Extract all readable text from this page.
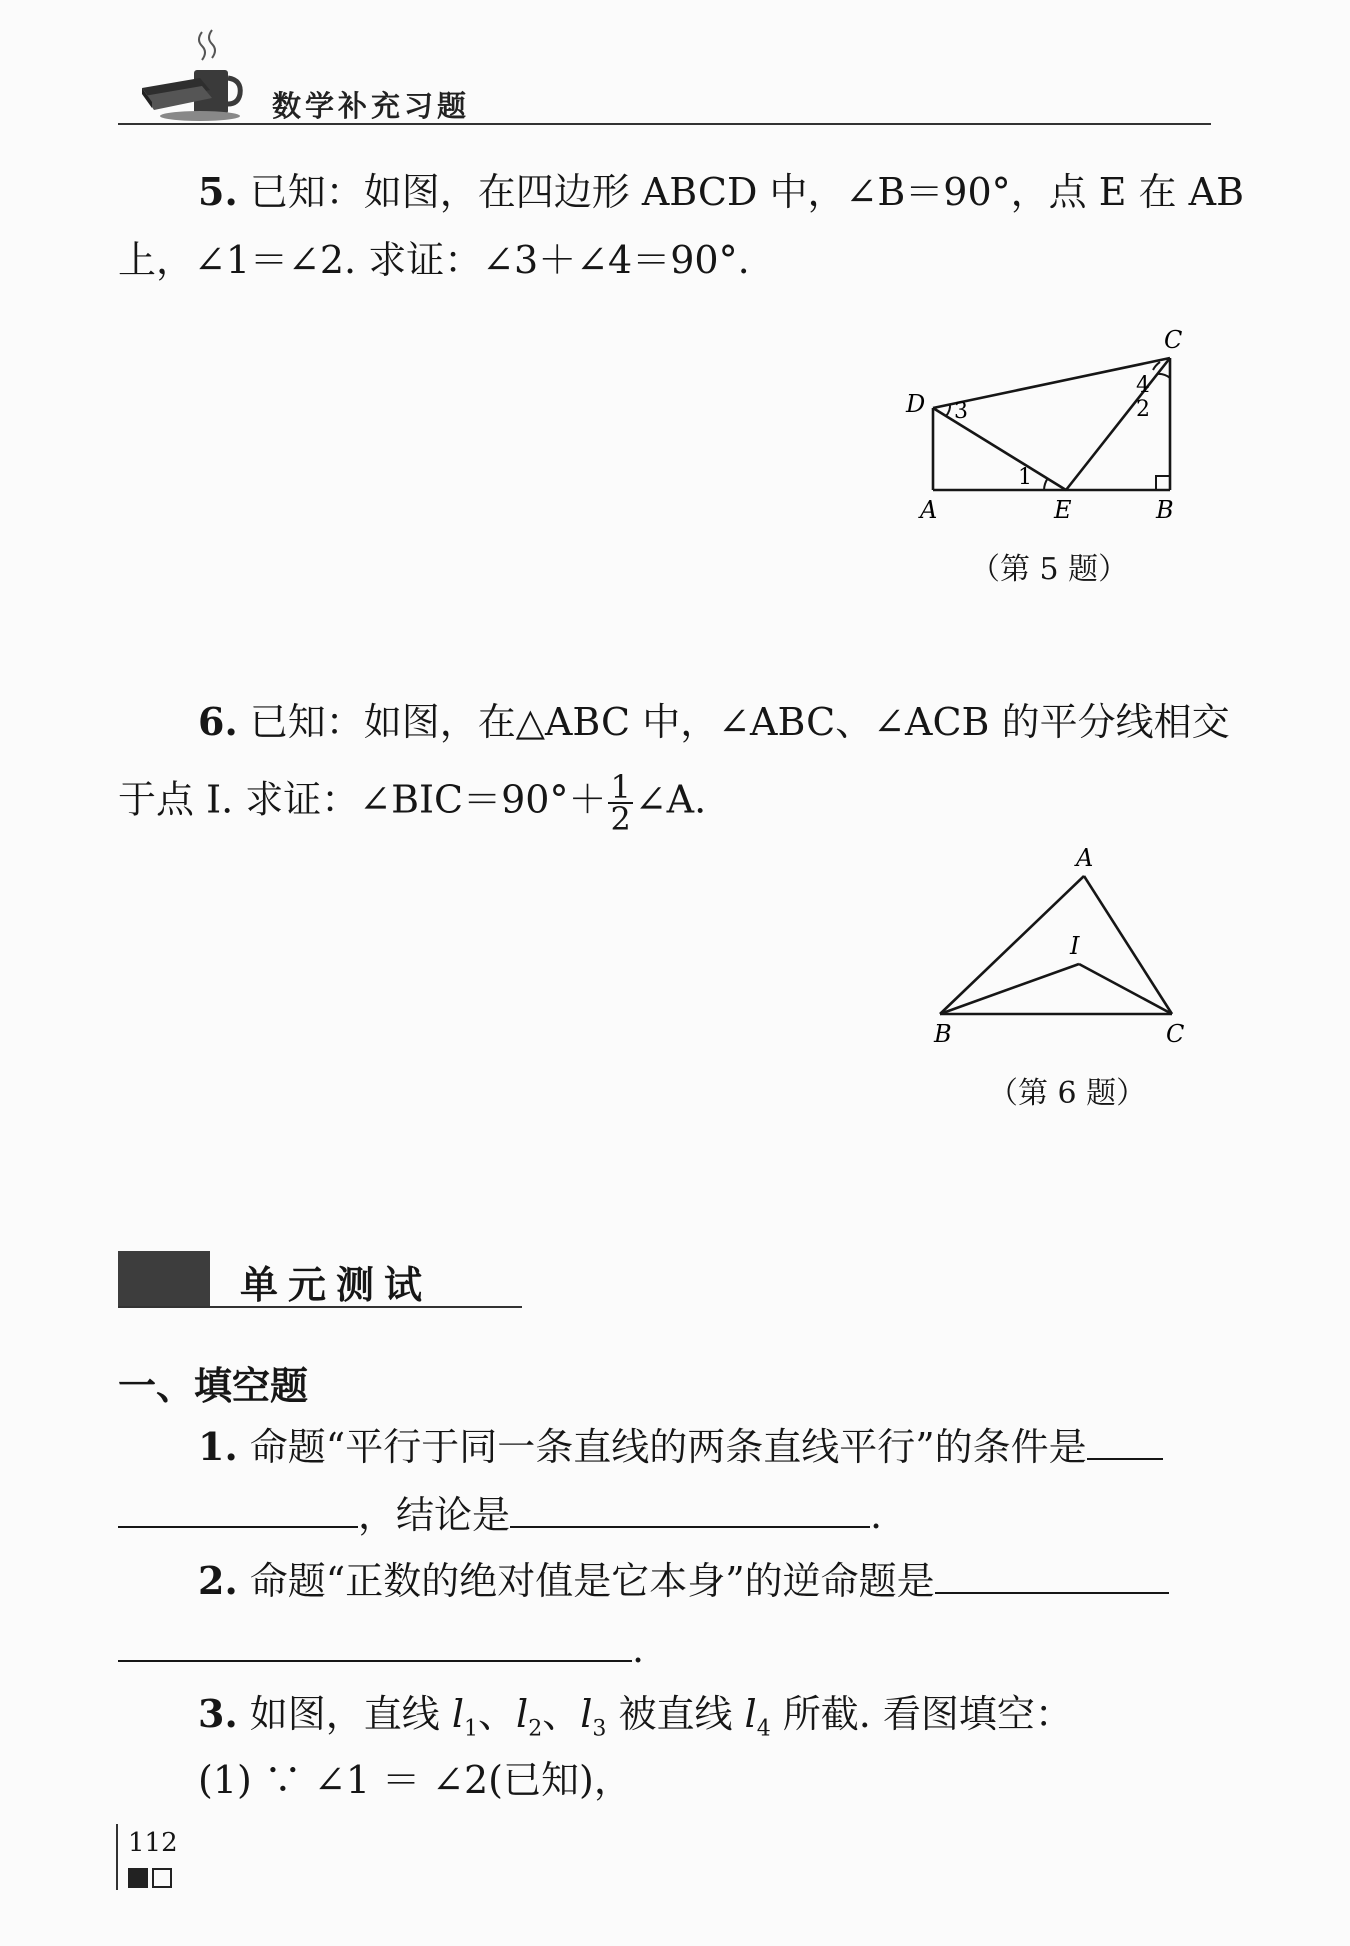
数学补充习题
5. 已知：如图，在四边形 ABCD 中，∠B＝90°，点 E 在 AB
上，∠1＝∠2. 求证：∠3＋∠4＝90°.
D
A	E	B
C
3
1
4
2
（第 5 题）
6. 已知：如图，在△ABC 中，∠ABC、∠ACB 的平分线相交
于点 I. 求证：∠BIC＝90°＋ $\frac{1}{2}$ ∠A.
A
I
B	C
（第 6 题）
单元测试
一、填空题
1. 命题“平行于同一条直线的两条直线平行”的条件是
，结论是	.
2. 命题“正数的绝对值是它本身”的逆命题是
.
3. 如图，直线 $l_1$、$l_2$、$l_3$ 被直线 $l_4$ 所截. 看图填空：
(1) ∵ ∠1 ＝ ∠2(已知)，
112
